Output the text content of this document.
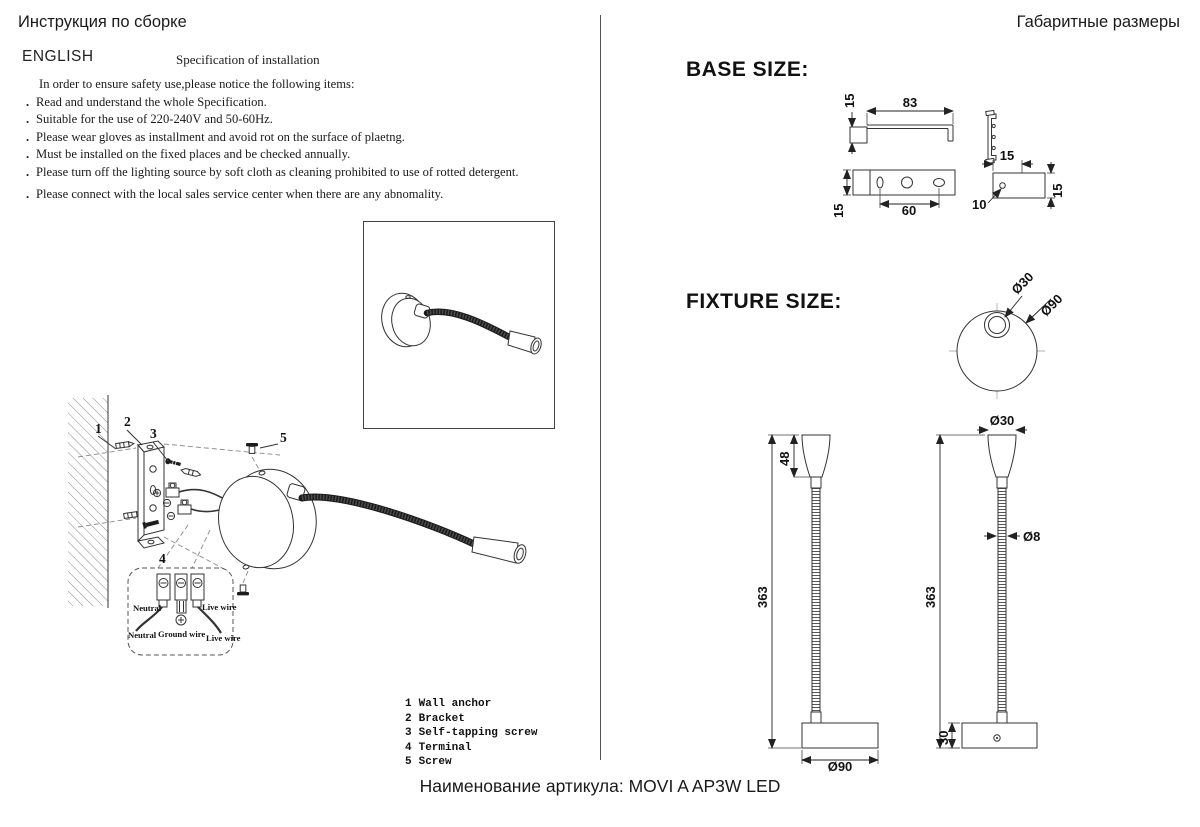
Инструкция по сборке	Габаритные размеры
ENGLISH	Specification of installation
In order to ensure safety use,please notice the following items:
. Read and understand the whole Specification.
. Suitable for the use of 220-240V and 50-60Hz.
. Please wear gloves as installment and avoid rot on the surface of plaetng.
. Must be installed on the fixed places and be checked annually.
. Please turn off the lighting source by soft cloth as cleaning prohibited to use of rotted detergent.
. Please connect with the local sales service center when there are any abnomality.
1 2
3	5
4
Neutral	Live wire
Neutral Ground wire Live wire
1 Wall anchor
2 Bracket
3 Self-tapping screw
4 Terminal
5 Screw
BASE SIZE:
15	83
15	60
15
15
10
FIXTURE SIZE:
Ø30
Ø90
363
48
Ø90
Ø30
Ø8
363
30
Наименование артикула: MOVI A AP3W LED
